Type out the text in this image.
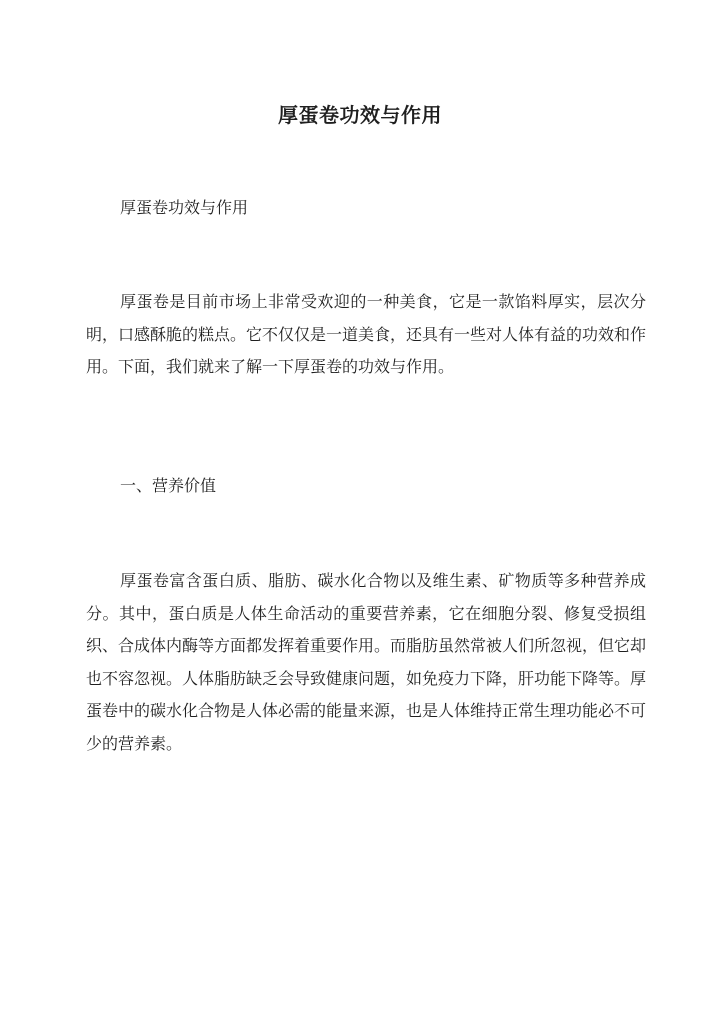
厚蛋卷功效与作用

厚蛋卷功效与作用

厚蛋卷是目前市场上非常受欢迎的一种美食，它是一款馅料厚实，层次分明，口感酥脆的糕点。它不仅仅是一道美食，还具有一些对人体有益的功效和作用。下面，我们就来了解一下厚蛋卷的功效与作用。

一、营养价值

厚蛋卷富含蛋白质、脂肪、碳水化合物以及维生素、矿物质等多种营养成分。其中，蛋白质是人体生命活动的重要营养素，它在细胞分裂、修复受损组织、合成体内酶等方面都发挥着重要作用。而脂肪虽然常被人们所忽视，但它却也不容忽视。人体脂肪缺乏会导致健康问题，如免疫力下降，肝功能下降等。厚蛋卷中的碳水化合物是人体必需的能量来源，也是人体维持正常生理功能必不可少的营养素。
